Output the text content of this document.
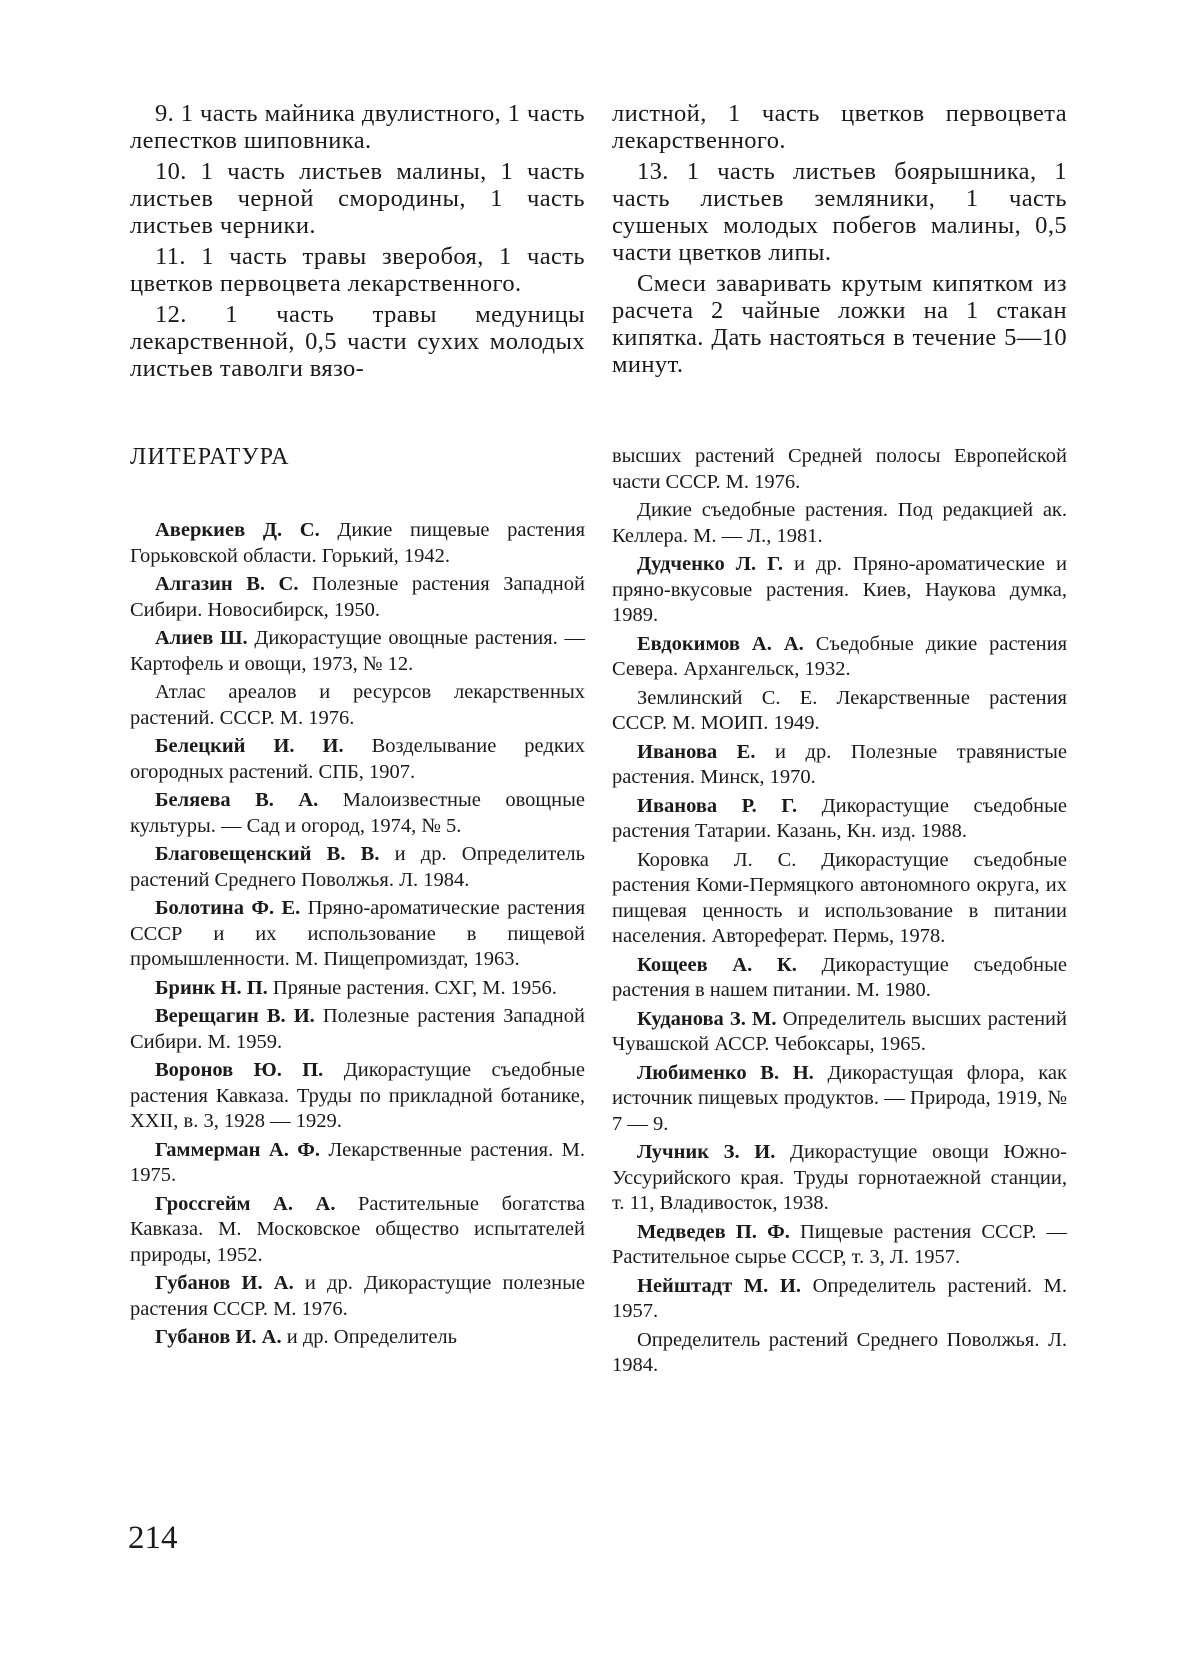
9. 1 часть майника двулистного, 1 часть лепестков шиповника.

10. 1 часть листьев малины, 1 часть листьев черной смородины, 1 часть листьев черники.

11. 1 часть травы зверобоя, 1 часть цветков первоцвета лекарственного.

12. 1 часть травы медуницы лекарственной, 0,5 части сухих молодых листьев таволги вязо-

листной, 1 часть цветков первоцвета лекарственного.

13. 1 часть листьев боярышника, 1 часть листьев земляники, 1 часть сушеных молодых побегов малины, 0,5 части цветков липы.

Смеси заваривать крутым кипятком из расчета 2 чайные ложки на 1 стакан кипятка. Дать настояться в течение 5—10 минут.

ЛИТЕРАТУРА

Аверкиев Д. С. Дикие пищевые растения Горьковской области. Горький, 1942.

Алгазин В. С. Полезные растения Западной Сибири. Новосибирск, 1950.

Алиев Ш. Дикорастущие овощные растения. — Картофель и овощи, 1973, № 12.

Атлас ареалов и ресурсов лекарственных растений. СССР. М. 1976.

Белецкий И. И. Возделывание редких огородных растений. СПБ, 1907.

Беляева В. А. Малоизвестные овощные культуры. — Сад и огород, 1974, № 5.

Благовещенский В. В. и др. Определитель растений Среднего Поволжья. Л. 1984.

Болотина Ф. Е. Пряно-ароматические растения СССР и их использование в пищевой промышленности. М. Пищепромиздат, 1963.

Бринк Н. П. Пряные растения. СХГ, М. 1956.

Верещагин В. И. Полезные растения Западной Сибири. М. 1959.

Воронов Ю. П. Дикорастущие съедобные растения Кавказа. Труды по прикладной ботанике, XXII, в. 3, 1928 — 1929.

Гаммерман А. Ф. Лекарственные растения. М. 1975.

Гроссгейм А. А. Растительные богатства Кавказа. М. Московское общество испытателей природы, 1952.

Губанов И. А. и др. Дикорастущие полезные растения СССР. М. 1976.

Губанов И. А. и др. Определитель

высших растений Средней полосы Европейской части СССР. М. 1976.

Дикие съедобные растения. Под редакцией ак. Келлера. М. — Л., 1981.

Дудченко Л. Г. и др. Пряно-ароматические и пряно-вкусовые растения. Киев, Наукова думка, 1989.

Евдокимов А. А. Съедобные дикие растения Севера. Архангельск, 1932.

Землинский С. Е. Лекарственные растения СССР. М. МОИП. 1949.

Иванова Е. и др. Полезные травянистые растения. Минск, 1970.

Иванова Р. Г. Дикорастущие съедобные растения Татарии. Казань, Кн. изд. 1988.

Коровка Л. С. Дикорастущие съедобные растения Коми-Пермяцкого автономного округа, их пищевая ценность и использование в питании населения. Автореферат. Пермь, 1978.

Кощеев А. К. Дикорастущие съедобные растения в нашем питании. М. 1980.

Куданова З. М. Определитель высших растений Чувашской АССР. Чебоксары, 1965.

Любименко В. Н. Дикорастущая флора, как источник пищевых продуктов. — Природа, 1919, № 7 — 9.

Лучник З. И. Дикорастущие овощи Южно-Уссурийского края. Труды горнотаежной станции, т. 11, Владивосток, 1938.

Медведев П. Ф. Пищевые растения СССР. — Растительное сырье СССР, т. 3, Л. 1957.

Нейштадт М. И. Определитель растений. М. 1957.

Определитель растений Среднего Поволжья. Л. 1984.

214
